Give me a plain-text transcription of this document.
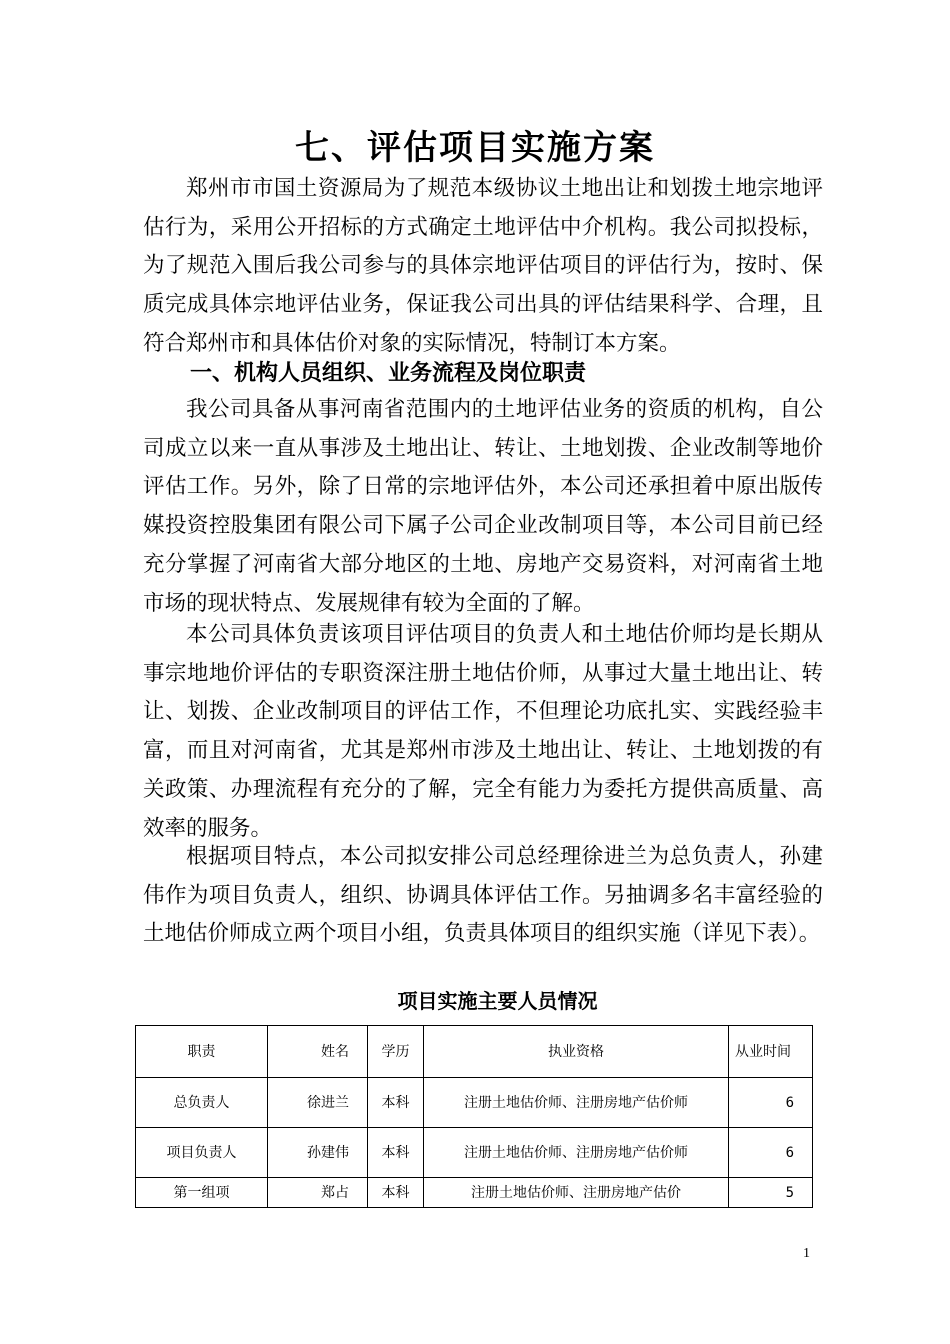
七、评估项目实施方案

郑州市市国土资源局为了规范本级协议土地出让和划拨土地宗地评估行为，采用公开招标的方式确定土地评估中介机构。我公司拟投标，为了规范入围后我公司参与的具体宗地评估项目的评估行为，按时、保质完成具体宗地评估业务，保证我公司出具的评估结果科学、合理，且符合郑州市和具体估价对象的实际情况，特制订本方案。

一、机构人员组织、业务流程及岗位职责

我公司具备从事河南省范围内的土地评估业务的资质的机构，自公司成立以来一直从事涉及土地出让、转让、土地划拨、企业改制等地价评估工作。另外，除了日常的宗地评估外，本公司还承担着中原出版传媒投资控股集团有限公司下属子公司企业改制项目等，本公司目前已经充分掌握了河南省大部分地区的土地、房地产交易资料，对河南省土地市场的现状特点、发展规律有较为全面的了解。

本公司具体负责该项目评估项目的负责人和土地估价师均是长期从事宗地地价评估的专职资深注册土地估价师，从事过大量土地出让、转让、划拨、企业改制项目的评估工作，不但理论功底扎实、实践经验丰富，而且对河南省，尤其是郑州市涉及土地出让、转让、土地划拨的有关政策、办理流程有充分的了解，完全有能力为委托方提供高质量、高效率的服务。

根据项目特点，本公司拟安排公司总经理徐进兰为总负责人，孙建伟作为项目负责人，组织、协调具体评估工作。另抽调多名丰富经验的土地估价师成立两个项目小组，负责具体项目的组织实施（详见下表）。

项目实施主要人员情况

职责	姓名	学历	执业资格	从业时间
总负责人	徐进兰	本科	注册土地估价师、注册房地产估价师	6
项目负责人	孙建伟	本科	注册土地估价师、注册房地产估价师	6
第一组项	郑占	本科	注册土地估价师、注册房地产估价	5
1
